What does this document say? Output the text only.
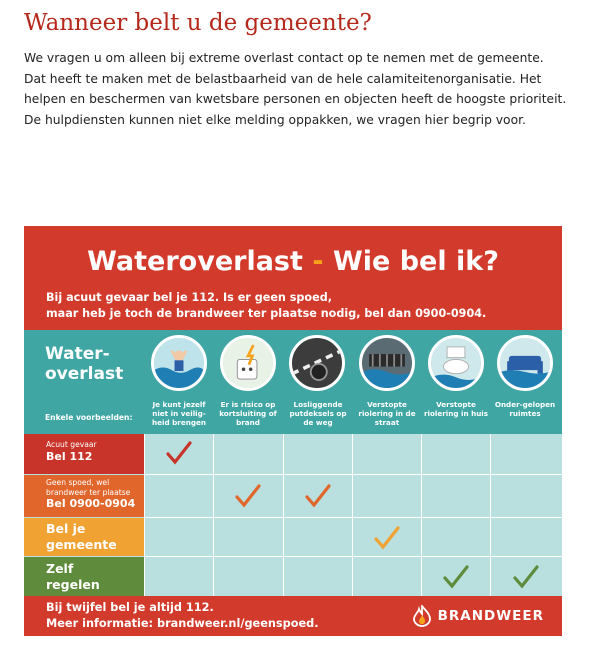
Wanneer belt u de gemeente?

We vragen u om alleen bij extreme overlast contact op te nemen met de gemeente. Dat heeft te maken met de belastbaarheid van de hele calamiteitenorganisatie. Het helpen en beschermen van kwetsbare personen en objecten heeft de hoogste prioriteit. De hulpdiensten kunnen niet elke melding oppakken, we vragen hier begrip voor.

Wateroverlast - Wie bel ik?
Bij acuut gevaar bel je 112. Is er geen spoed,
maar heb je toch de brandweer ter plaatse nodig, bel dan 0900-0904.
Water-
overlast
Enkele voorbeelden:
Je kunt jezelf niet in veilig-heid brengen
Er is risico op kortsluiting of brand
Losliggende putdeksels op de weg
Verstopte riolering in de straat
Verstopte riolering in huis
Onder-gelopen ruimtes
Acuut gevaar
Bel 112
Geen spoed, wel brandweer ter plaatse
Bel 0900-0904
Bel je
gemeente
Zelf
regelen
Bij twijfel bel je altijd 112.
Meer informatie: brandweer.nl/geenspoed.	BRANDWEER
